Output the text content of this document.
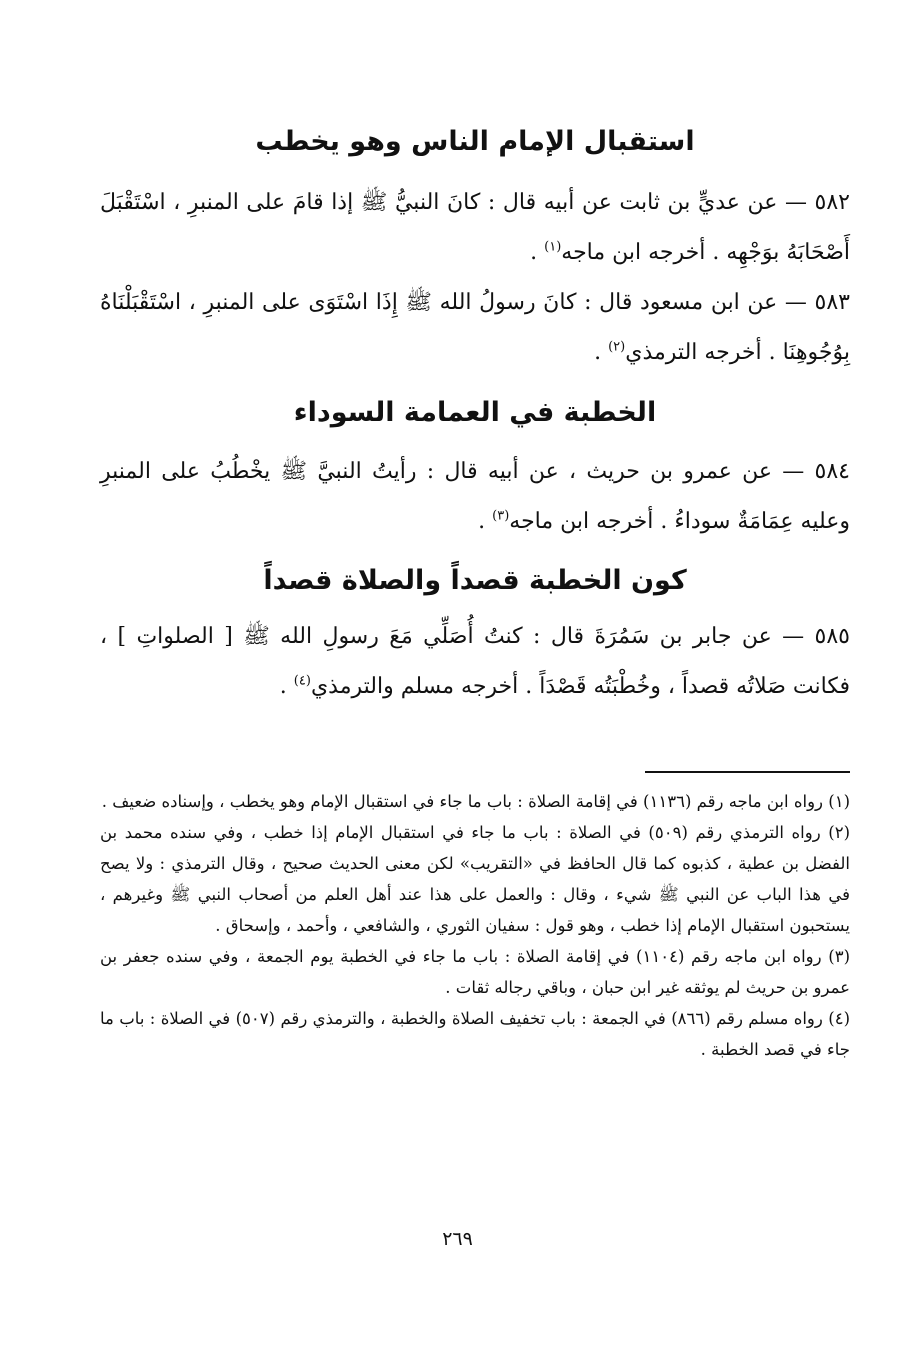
استقبال الإمام الناس وهو يخطب
٥٨٢ — عن عديٍّ بن ثابت عن أبيه قال : كانَ النبيُّ ﷺ إذا قامَ على المنبرِ ، اسْتَقْبَلَ أَصْحَابَهُ بوَجْهِه . أخرجه ابن ماجه$^{(١)}$ .
٥٨٣ — عن ابن مسعود قال : كانَ رسولُ الله ﷺ إِذَا اسْتَوَى على المنبرِ ، اسْتَقْبَلْنَاهُ بِوُجُوهِنَا . أخرجه الترمذي$^{(٢)}$ .
الخطبة في العمامة السوداء
٥٨٤ — عن عمرو بن حريث ، عن أبيه قال : رأيتُ النبيَّ ﷺ يخْطُبُ على المنبرِ وعليه عِمَامَةٌ سوداءُ . أخرجه ابن ماجه$^{(٣)}$ .
كون الخطبة قصداً والصلاة قصداً
٥٨٥ — عن جابر بن سَمُرَةَ قال : كنتُ أُصَلِّي مَعَ رسولِ الله ﷺ [ الصلواتِ ] ، فكانت صَلاتُه قصداً ، وخُطْبَتُه قَصْدَاً . أخرجه مسلم والترمذي$^{(٤)}$ .

(١) رواه ابن ماجه رقم (١١٣٦) في إقامة الصلاة : باب ما جاء في استقبال الإمام وهو يخطب ، وإسناده ضعيف .

(٢) رواه الترمذي رقم (٥٠٩) في الصلاة : باب ما جاء في استقبال الإمام إذا خطب ، وفي سنده محمد بن الفضل بن عطية ، كذبوه كما قال الحافظ في «التقريب» لكن معنى الحديث صحيح ، وقال الترمذي : ولا يصح في هذا الباب عن النبي ﷺ شيء ، وقال : والعمل على هذا عند أهل العلم من أصحاب النبي ﷺ وغيرهم ، يستحبون استقبال الإمام إذا خطب ، وهو قول : سفيان الثوري ، والشافعي ، وأحمد ، وإسحاق .

(٣) رواه ابن ماجه رقم (١١٠٤) في إقامة الصلاة : باب ما جاء في الخطبة يوم الجمعة ، وفي سنده جعفر بن عمرو بن حريث لم يوثقه غير ابن حبان ، وباقي رجاله ثقات .

(٤) رواه مسلم رقم (٨٦٦) في الجمعة : باب تخفيف الصلاة والخطبة ، والترمذي رقم (٥٠٧) في الصلاة : باب ما جاء في قصد الخطبة .

٢٦٩
